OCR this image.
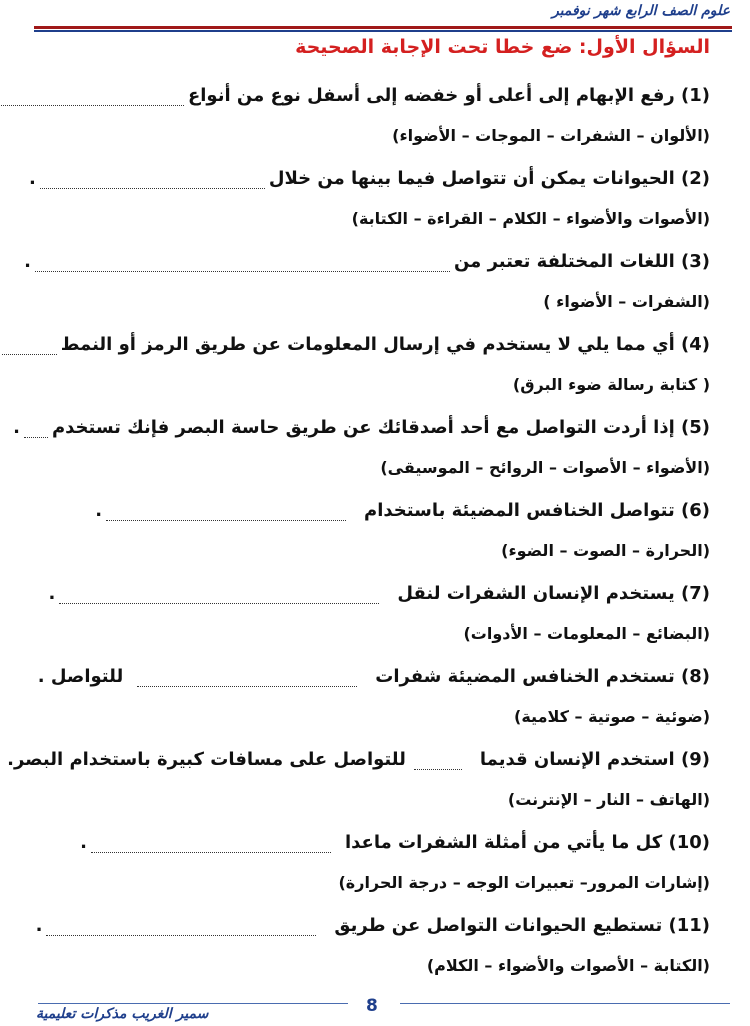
علوم الصف الرابع شهر نوفمبر
السؤال الأول: ضع خطا تحت الإجابة الصحيحة
(1) رفع الإبهام إلى أعلى أو خفضه إلى أسفل نوع من أنواع
(الألوان – الشفرات – الموجات – الأضواء)
(2) الحيوانات يمكن أن تتواصل فيما بينها من خلال.
(الأصوات والأضواء – الكلام – القراءة – الكتابة)
(3) اللغات المختلفة تعتبر من.
(الشفرات – الأضواء )
(4) أي مما يلي لا يستخدم في إرسال المعلومات عن طريق الرمز أو النمط
( كتابة رسالة ضوء البرق)
(5) إذا أردت التواصل مع أحد أصدقائك عن طريق حاسة البصر فإنك تستخدم.
(الأضواء – الأصوات – الروائح – الموسيقى)
(6) تتواصل الخنافس المضيئة باستخدام.
(الحرارة – الصوت – الضوء)
(7) يستخدم الإنسان الشفرات لنقل.
(البضائع – المعلومات – الأدوات)
(8) تستخدم الخنافس المضيئة شفراتللتواصل .
(ضوئية – صوتية – كلامية)
(9) استخدم الإنسان قديماللتواصل على مسافات كبيرة باستخدام البصر.
(الهاتف – النار – الإنترنت)
(10) كل ما يأتي من أمثلة الشفرات ماعدا.
(إشارات المرور– تعبيرات الوجه – درجة الحرارة)
(11) تستطيع الحيوانات التواصل عن طريق.
(الكتابة – الأصوات والأضواء – الكلام)
8
سمير الغريب مذكرات تعليمية
